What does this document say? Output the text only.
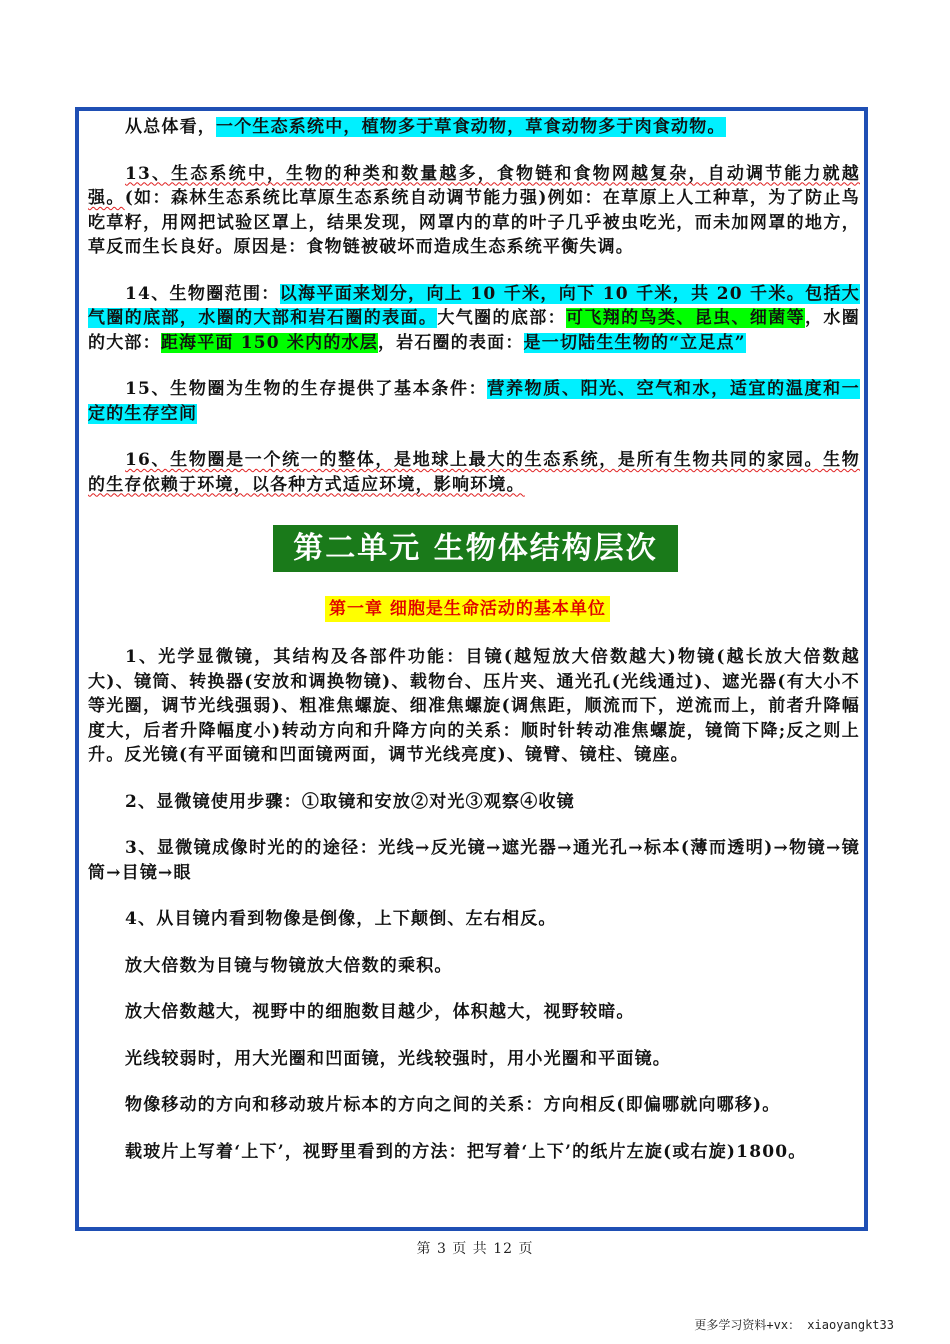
从总体看，一个生态系统中，植物多于草食动物，草食动物多于肉食动物。

13、生态系统中，生物的种类和数量越多，食物链和食物网越复杂，自动调节能力就越强。(如：森林生态系统比草原生态系统自动调节能力强)例如：在草原上人工种草，为了防止鸟吃草籽，用网把试验区罩上，结果发现，网罩内的草的叶子几乎被虫吃光，而未加网罩的地方，草反而生长良好。原因是：食物链被破坏而造成生态系统平衡失调。

14、生物圈范围：以海平面来划分，向上 10 千米，向下 10 千米，共 20 千米。包括大气圈的底部，水圈的大部和岩石圈的表面。大气圈的底部：可飞翔的鸟类、昆虫、细菌等，水圈的大部：距海平面 150 米内的水层，岩石圈的表面：是一切陆生生物的“立足点”

15、生物圈为生物的生存提供了基本条件：营养物质、阳光、空气和水，适宜的温度和一定的生存空间

16、生物圈是一个统一的整体，是地球上最大的生态系统，是所有生物共同的家园。生物的生存依赖于环境，以各种方式适应环境，影响环境。

第二单元 生物体结构层次
第一章 细胞是生命活动的基本单位

1、光学显微镜，其结构及各部件功能：目镜(越短放大倍数越大)物镜(越长放大倍数越大)、镜筒、转换器(安放和调换物镜)、载物台、压片夹、通光孔(光线通过)、遮光器(有大小不等光圈，调节光线强弱)、粗准焦螺旋、细准焦螺旋(调焦距，顺流而下，逆流而上，前者升降幅度大，后者升降幅度小)转动方向和升降方向的关系：顺时针转动准焦螺旋，镜筒下降;反之则上升。反光镜(有平面镜和凹面镜两面，调节光线亮度)、镜臂、镜柱、镜座。

2、显微镜使用步骤：①取镜和安放②对光③观察④收镜

3、显微镜成像时光的的途径：光线→反光镜→遮光器→通光孔→标本(薄而透明)→物镜→镜筒→目镜→眼

4、从目镜内看到物像是倒像，上下颠倒、左右相反。

放大倍数为目镜与物镜放大倍数的乘积。

放大倍数越大，视野中的细胞数目越少，体积越大，视野较暗。

光线较弱时，用大光圈和凹面镜，光线较强时，用小光圈和平面镜。

物像移动的方向和移动玻片标本的方向之间的关系：方向相反(即偏哪就向哪移)。

载玻片上写着‘上下’，视野里看到的方法：把写着‘上下’的纸片左旋(或右旋)1800。

第 3 页 共 12 页
更多学习资料+vx： xiaoyangkt33
